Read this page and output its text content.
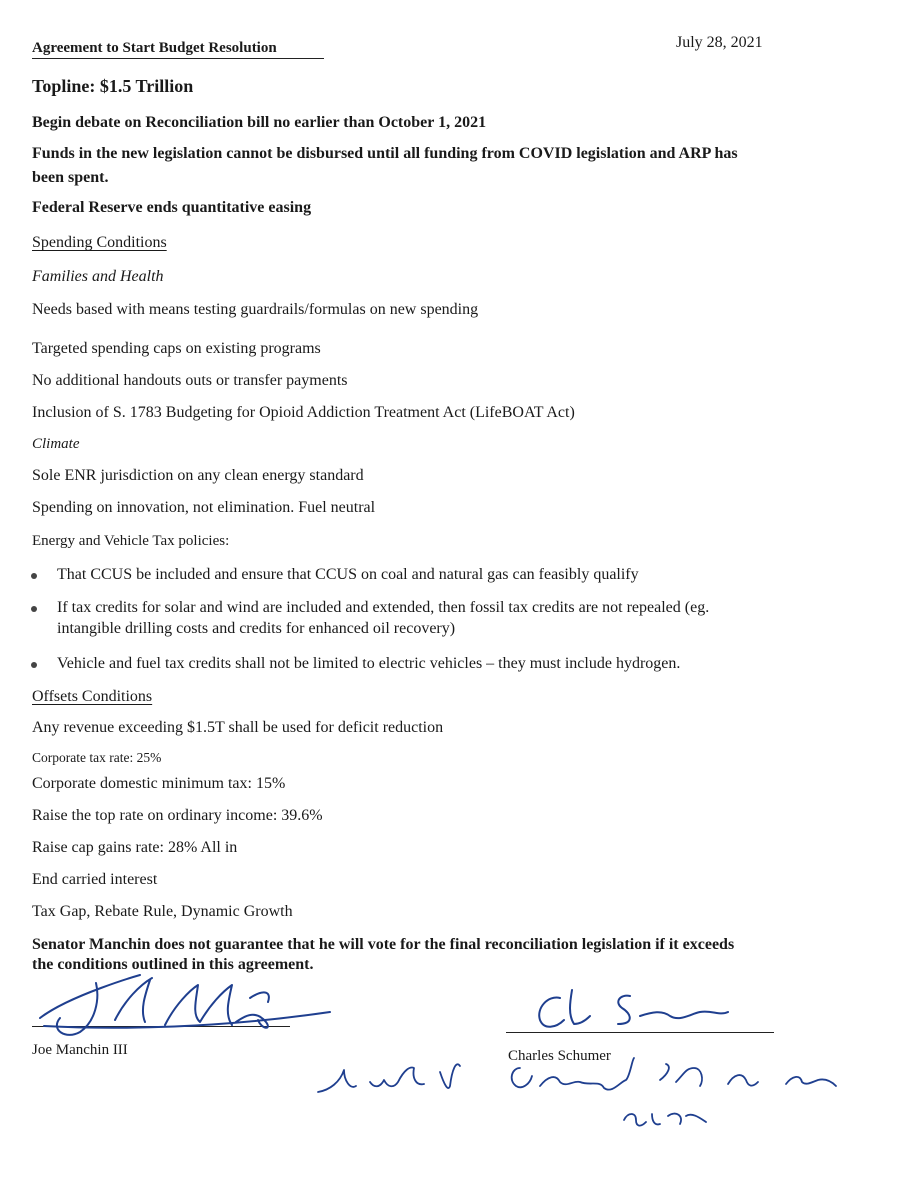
Agreement to Start Budget Resolution	July 28, 2021
Topline: $1.5 Trillion
Begin debate on Reconciliation bill no earlier than October 1, 2021
Funds in the new legislation cannot be disbursed until all funding from COVID legislation and ARP has
been spent.
Federal Reserve ends quantitative easing
Spending Conditions
Families and Health
Needs based with means testing guardrails/formulas on new spending
Targeted spending caps on existing programs
No additional handouts outs or transfer payments
Inclusion of S. 1783 Budgeting for Opioid Addiction Treatment Act (LifeBOAT Act)
Climate
Sole ENR jurisdiction on any clean energy standard
Spending on innovation, not elimination. Fuel neutral
Energy and Vehicle Tax policies:
That CCUS be included and ensure that CCUS on coal and natural gas can feasibly qualify
If tax credits for solar and wind are included and extended, then fossil tax credits are not repealed (eg.
intangible drilling costs and credits for enhanced oil recovery)
Vehicle and fuel tax credits shall not be limited to electric vehicles – they must include hydrogen.
Offsets Conditions
Any revenue exceeding $1.5T shall be used for deficit reduction
Corporate tax rate: 25%
Corporate domestic minimum tax: 15%
Raise the top rate on ordinary income: 39.6%
Raise cap gains rate: 28% All in
End carried interest
Tax Gap, Rebate Rule, Dynamic Growth
Senator Manchin does not guarantee that he will vote for the final reconciliation legislation if it exceeds
the conditions outlined in this agreement.
Joe Manchin III	Charles Schumer
